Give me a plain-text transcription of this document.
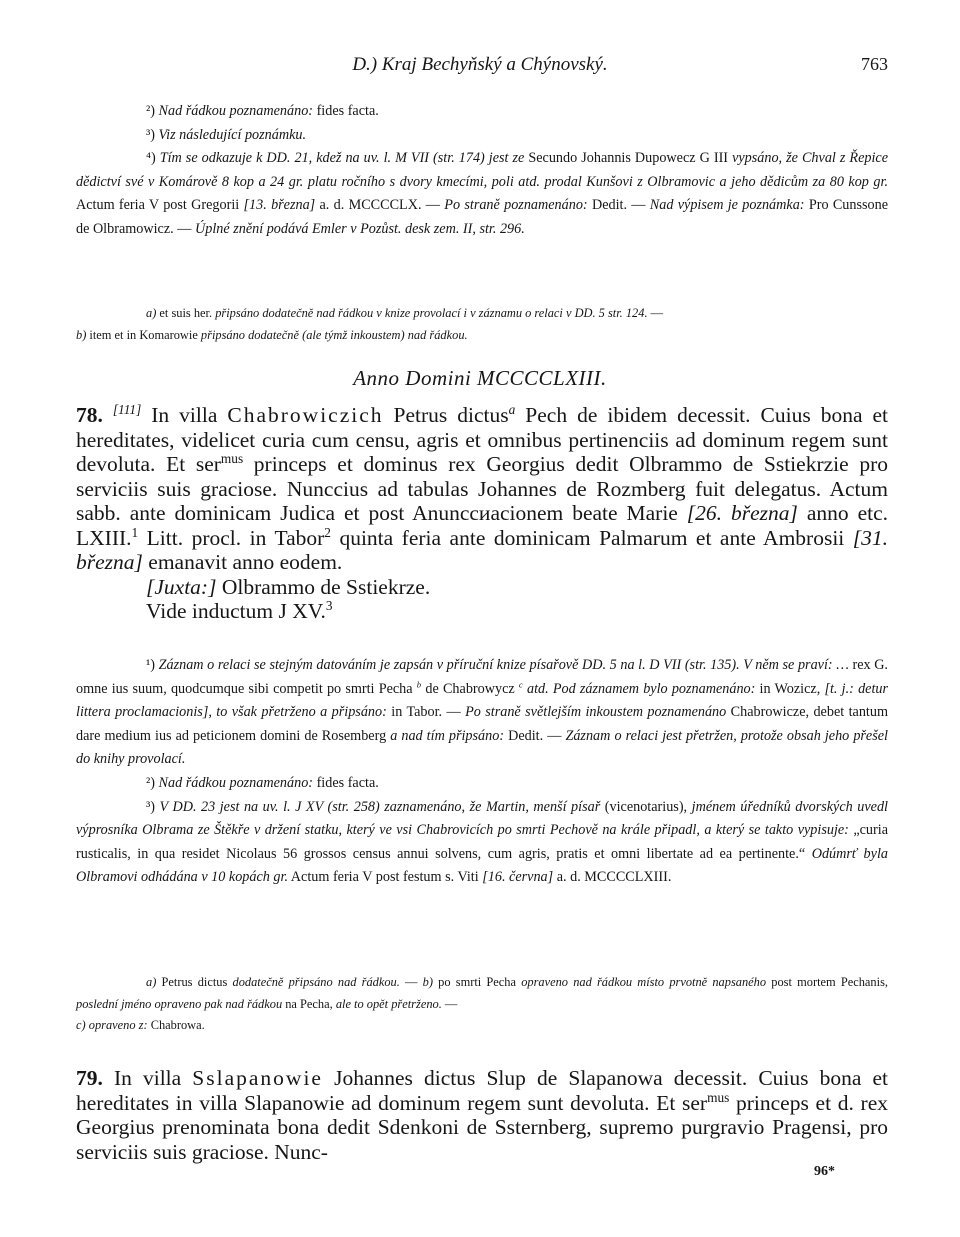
D.) Kraj Bechyňský a Chýnovský.	763

²) Nad řádkou poznamenáno: fides facta.

³) Viz následující poznámku.

⁴) Tím se odkazuje k DD. 21, kdež na uv. l. M VII (str. 174) jest ze Secundo Johannis Dupowecz G III vypsáno, že Chval z Řepice dědictví své v Komárově 8 kop a 24 gr. platu ročního s dvory kmecími, poli atd. prodal Kunšovi z Olbramovic a jeho dědicům za 80 kop gr. Actum feria V post Gregorii [13. března] a. d. MCCCCLX. — Po straně poznamenáno: Dedit. — Nad výpisem je poznámka: Pro Cunssone de Olbramowicz. — Úplné znění podává Emler v Pozůst. desk zem. II, str. 296.

a) et suis her. připsáno dodatečně nad řádkou v knize provolací i v záznamu o relaci v DD. 5 str. 124. —

b) item et in Komarowie připsáno dodatečně (ale týmž inkoustem) nad řádkou.

Anno Domini MCCCCLXIII.

78. [111] In villa Chabrowiczich Petrus dictus$^a$ Pech de ibidem decessit. Cuius bona et hereditates, videlicet curia cum censu, agris et omnibus pertinenciis ad dominum regem sunt devoluta. Et ser$^{mus}$ princeps et dominus rex Georgius dedit Olbrammo de Sstiekrzie pro serviciis suis graciose. Nunccius ad tabulas Johannes de Rozmberg fuit delegatus. Actum sabb. ante dominicam Judica et post Anunccиacionem beate Marie [26. března] anno etc. LXIII.$^1$ Litt. procl. in Tabor$^2$ quinta feria ante dominicam Palmarum et ante Ambrosii [31. března] emanavit anno eodem.

[Juxta:] Olbrammo de Sstiekrze.

Vide inductum J XV.$^3$

¹) Záznam o relaci se stejným datováním je zapsán v příruční knize písařově DD. 5 na l. D VII (str. 135). V něm se praví: … rex G. omne ius suum, quodcumque sibi competit po smrti Pecha $^b$ de Chabrowycz $^c$ atd. Pod záznamem bylo poznamenáno: in Wozicz, [t. j.: detur littera proclamacionis], to však přetrženo a připsáno: in Tabor. — Po straně světlejším inkoustem poznamenáno Chabrowicze, debet tantum dare medium ius ad peticionem domini de Rosemberg a nad tím připsáno: Dedit. — Záznam o relaci jest přetržen, protože obsah jeho přešel do knihy provolací.

²) Nad řádkou poznamenáno: fides facta.

³) V DD. 23 jest na uv. l. J XV (str. 258) zaznamenáno, že Martin, menší písař (vicenotarius), jménem úředníků dvorských uvedl výprosníka Olbrama ze Štěkře v držení statku, který ve vsi Chabrovicích po smrti Pechově na krále připadl, a který se takto vypisuje: „curia rusticalis, in qua residet Nicolaus 56 grossos census annui solvens, cum agris, pratis et omni libertate ad ea pertinente.“ Odúmrť byla Olbramovi odhádána v 10 kopách gr. Actum feria V post festum s. Viti [16. června] a. d. MCCCCLXIII.

a) Petrus dictus dodatečně připsáno nad řádkou. — b) po smrti Pecha opraveno nad řádkou místo prvotně napsaného post mortem Pechanis, poslední jméno opraveno pak nad řádkou na Pecha, ale to opět přetrženo. —

c) opraveno z: Chabrowa.

79. In villa Sslapanowie Johannes dictus Slup de Slapanowa decessit. Cuius bona et hereditates in villa Slapanowie ad dominum regem sunt devoluta. Et ser$^{mus}$ princeps et d. rex Georgius prenominata bona dedit Sdenkoni de Ssternberg, supremo purgravio Pragensi, pro serviciis suis graciose. Nunc-

96*
